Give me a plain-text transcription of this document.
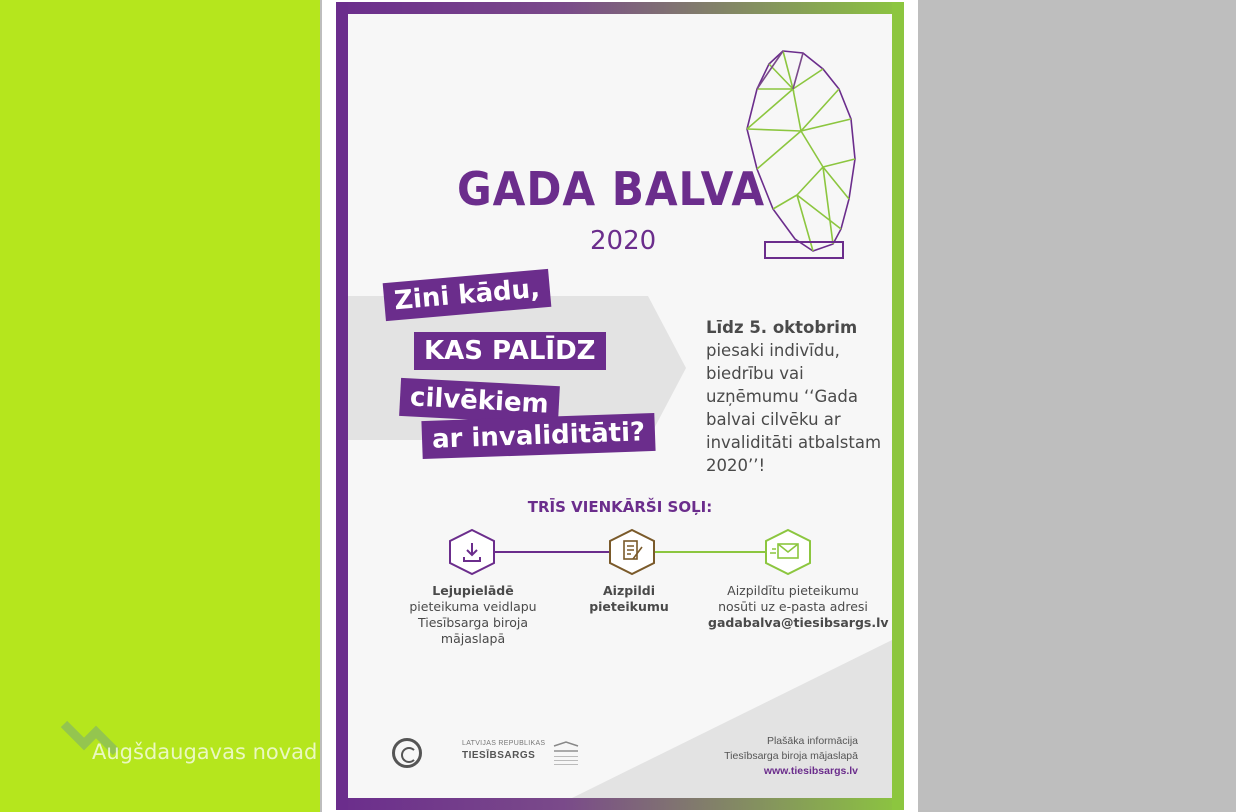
GADA BALVA
2020
Zini kādu,
KAS PALĪDZ
cilvēkiem
ar invaliditāti?
Līdz 5. oktobrim piesaki indivīdu, biedrību vai uzņēmumu ‘‘Gada balvai cilvēku ar invaliditāti atbalstam 2020’’!
TRĪS VIENKĀRŠI SOĻI:
Lejupielādē
pieteikuma veidlapu
Tiesībsarga biroja mājaslapā
Aizpildi
pieteikumu
Aizpildītu pieteikumu
nosūti uz e-pasta adresi
gadabalva@tiesibsargs.lv
LATVIJAS REPUBLIKAS
TIESĪBSARGS
Plašāka informācija
Tiesībsarga biroja mājaslapā
www.tiesibsargs.lv
Augšdaugavas novad
